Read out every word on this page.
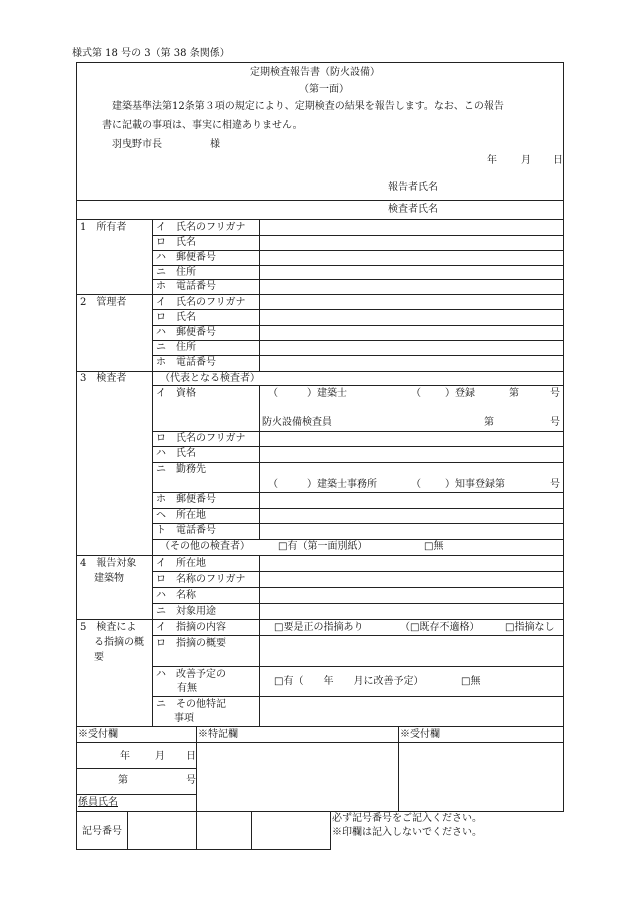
様式第 18 号の 3（第 38 条関係）
定期検査報告書（防火設備）
（第一面）
建築基準法第12条第３項の規定により、定期検査の結果を報告します。なお、この報告
書に記載の事項は、事実に相違ありません。
羽曳野市長	様
年 月 日
報告者氏名
検査者氏名
1　所有者	イ　氏名のフリガナ
ロ　氏名
ハ　郵便番号
ニ　住所
ホ　電話番号
2　管理者	イ　氏名のフリガナ
ロ　氏名
ハ　郵便番号
ニ　住所
ホ　電話番号
3　検査者	（代表となる検査者）
イ　資格	（	）建築士	（ ）登録	第	号
防火設備検査員	第	号
ロ　氏名のフリガナ
ハ　氏名
ニ　勤務先
（	）建築士事務所	（ ）知事登録第	号
ホ　郵便番号
ヘ　所在地
ト　電話番号
（その他の検査者）	□有（第一面別紙）	□無
4　報告対象
建築物
イ　所在地
ロ　名称のフリガナ
ハ　名称
ニ　対象用途
5　検査によ
る指摘の概
要
イ　指摘の内容	□要是正の指摘あり	（□既存不適格）	□指摘なし
ロ　指摘の概要
ハ　改善予定の
有無
□有（　　年　　月に改善予定）	□無
ニ　その他特記
事項
※受付欄	※特記欄	※受付欄
年	月 日
第	号
係員氏名
記号番号
必ず記号番号をご記入ください。
※印欄は記入しないでください。
